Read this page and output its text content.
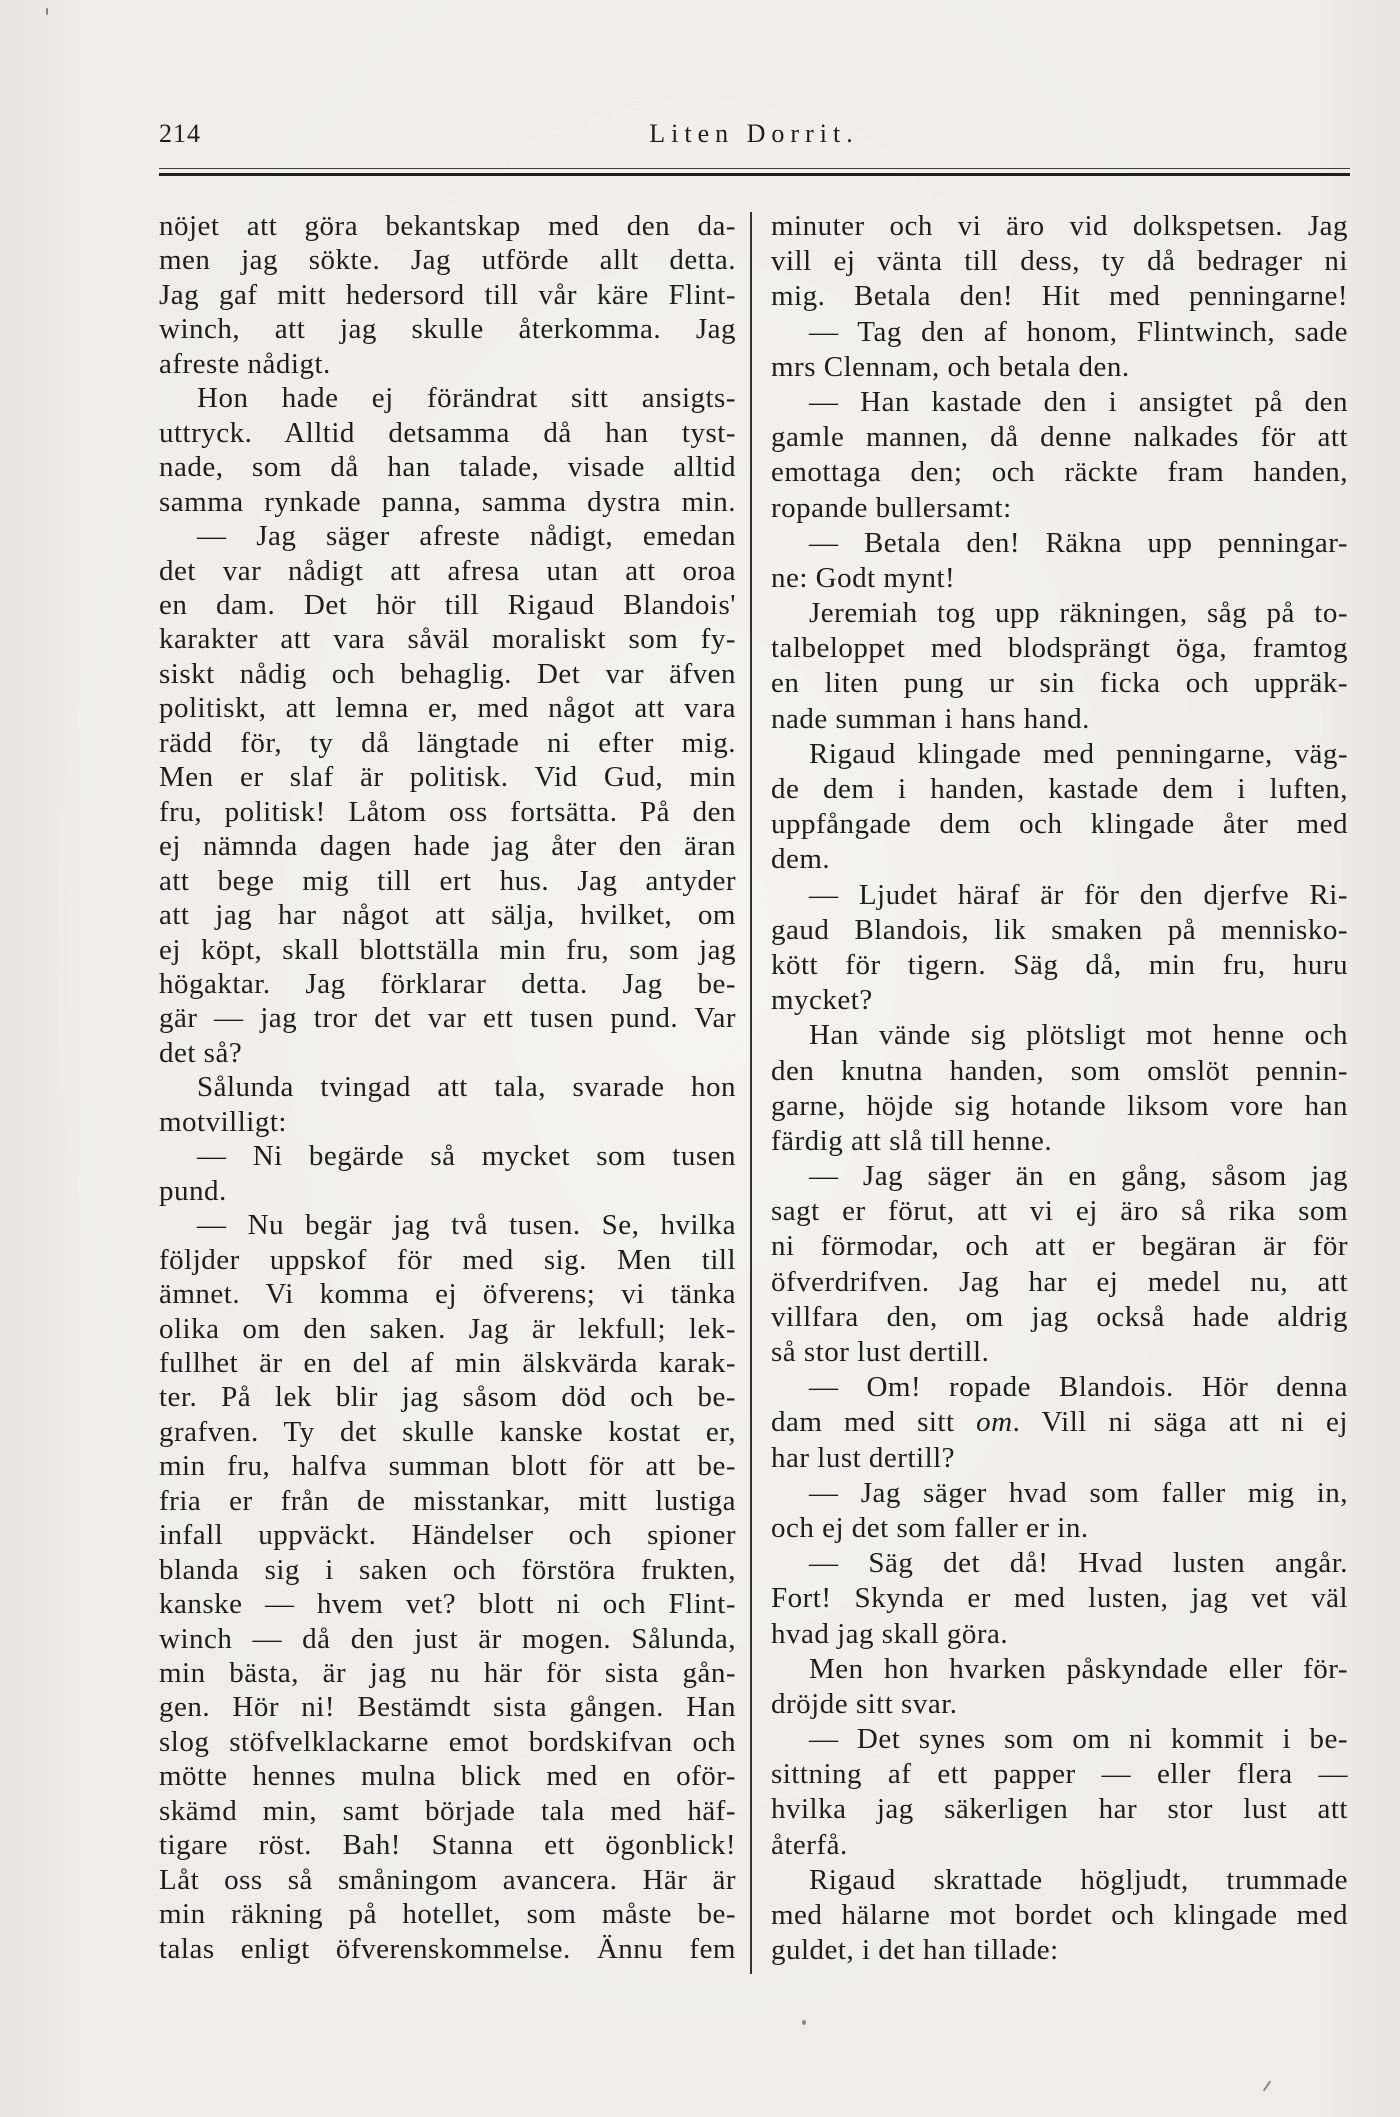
214	Liten Dorrit.
nöjet att göra bekantskap med den da-
men jag sökte. Jag utförde allt detta.
Jag gaf mitt hedersord till vår käre Flint-
winch, att jag skulle återkomma. Jag
afreste nådigt.
Hon hade ej förändrat sitt ansigts-
uttryck. Alltid detsamma då han tyst-
nade, som då han talade, visade alltid
samma rynkade panna, samma dystra min.
— Jag säger afreste nådigt, emedan
det var nådigt att afresa utan att oroa
en dam. Det hör till Rigaud Blandois'
karakter att vara såväl moraliskt som fy-
siskt nådig och behaglig. Det var äfven
politiskt, att lemna er, med något att vara
rädd för, ty då längtade ni efter mig.
Men er slaf är politisk. Vid Gud, min
fru, politisk! Låtom oss fortsätta. På den
ej nämnda dagen hade jag åter den äran
att bege mig till ert hus. Jag antyder
att jag har något att sälja, hvilket, om
ej köpt, skall blottställa min fru, som jag
högaktar. Jag förklarar detta. Jag be-
gär — jag tror det var ett tusen pund. Var
det så?
Sålunda tvingad att tala, svarade hon
motvilligt:
— Ni begärde så mycket som tusen
pund.
— Nu begär jag två tusen. Se, hvilka
följder uppskof för med sig. Men till
ämnet. Vi komma ej öfverens; vi tänka
olika om den saken. Jag är lekfull; lek-
fullhet är en del af min älskvärda karak-
ter. På lek blir jag såsom död och be-
grafven. Ty det skulle kanske kostat er,
min fru, halfva summan blott för att be-
fria er från de misstankar, mitt lustiga
infall uppväckt. Händelser och spioner
blanda sig i saken och förstöra frukten,
kanske — hvem vet? blott ni och Flint-
winch — då den just är mogen. Sålunda,
min bästa, är jag nu här för sista gån-
gen. Hör ni! Bestämdt sista gången. Han
slog stöfvelklackarne emot bordskifvan och
mötte hennes mulna blick med en oför-
skämd min, samt började tala med häf-
tigare röst. Bah! Stanna ett ögonblick!
Låt oss så småningom avancera. Här är
min räkning på hotellet, som måste be-
talas enligt öfverenskommelse. Ännu fem
minuter och vi äro vid dolkspetsen. Jag
vill ej vänta till dess, ty då bedrager ni
mig. Betala den! Hit med penningarne!
— Tag den af honom, Flintwinch, sade
mrs Clennam, och betala den.
— Han kastade den i ansigtet på den
gamle mannen, då denne nalkades för att
emottaga den; och räckte fram handen,
ropande bullersamt:
— Betala den! Räkna upp penningar-
ne: Godt mynt!
Jeremiah tog upp räkningen, såg på to-
talbeloppet med blodsprängt öga, framtog
en liten pung ur sin ficka och uppräk-
nade summan i hans hand.
Rigaud klingade med penningarne, väg-
de dem i handen, kastade dem i luften,
uppfångade dem och klingade åter med
dem.
— Ljudet häraf är för den djerfve Ri-
gaud Blandois, lik smaken på mennisko-
kött för tigern. Säg då, min fru, huru
mycket?
Han vände sig plötsligt mot henne och
den knutna handen, som omslöt pennin-
garne, höjde sig hotande liksom vore han
färdig att slå till henne.
— Jag säger än en gång, såsom jag
sagt er förut, att vi ej äro så rika som
ni förmodar, och att er begäran är för
öfverdrifven. Jag har ej medel nu, att
villfara den, om jag också hade aldrig
så stor lust dertill.
— Om! ropade Blandois. Hör denna
dam med sitt om. Vill ni säga att ni ej
har lust dertill?
— Jag säger hvad som faller mig in,
och ej det som faller er in.
— Säg det då! Hvad lusten angår.
Fort! Skynda er med lusten, jag vet väl
hvad jag skall göra.
Men hon hvarken påskyndade eller för-
dröjde sitt svar.
— Det synes som om ni kommit i be-
sittning af ett papper — eller flera —
hvilka jag säkerligen har stor lust att
återfå.
Rigaud skrattade högljudt, trummade
med hälarne mot bordet och klingade med
guldet, i det han tillade:
